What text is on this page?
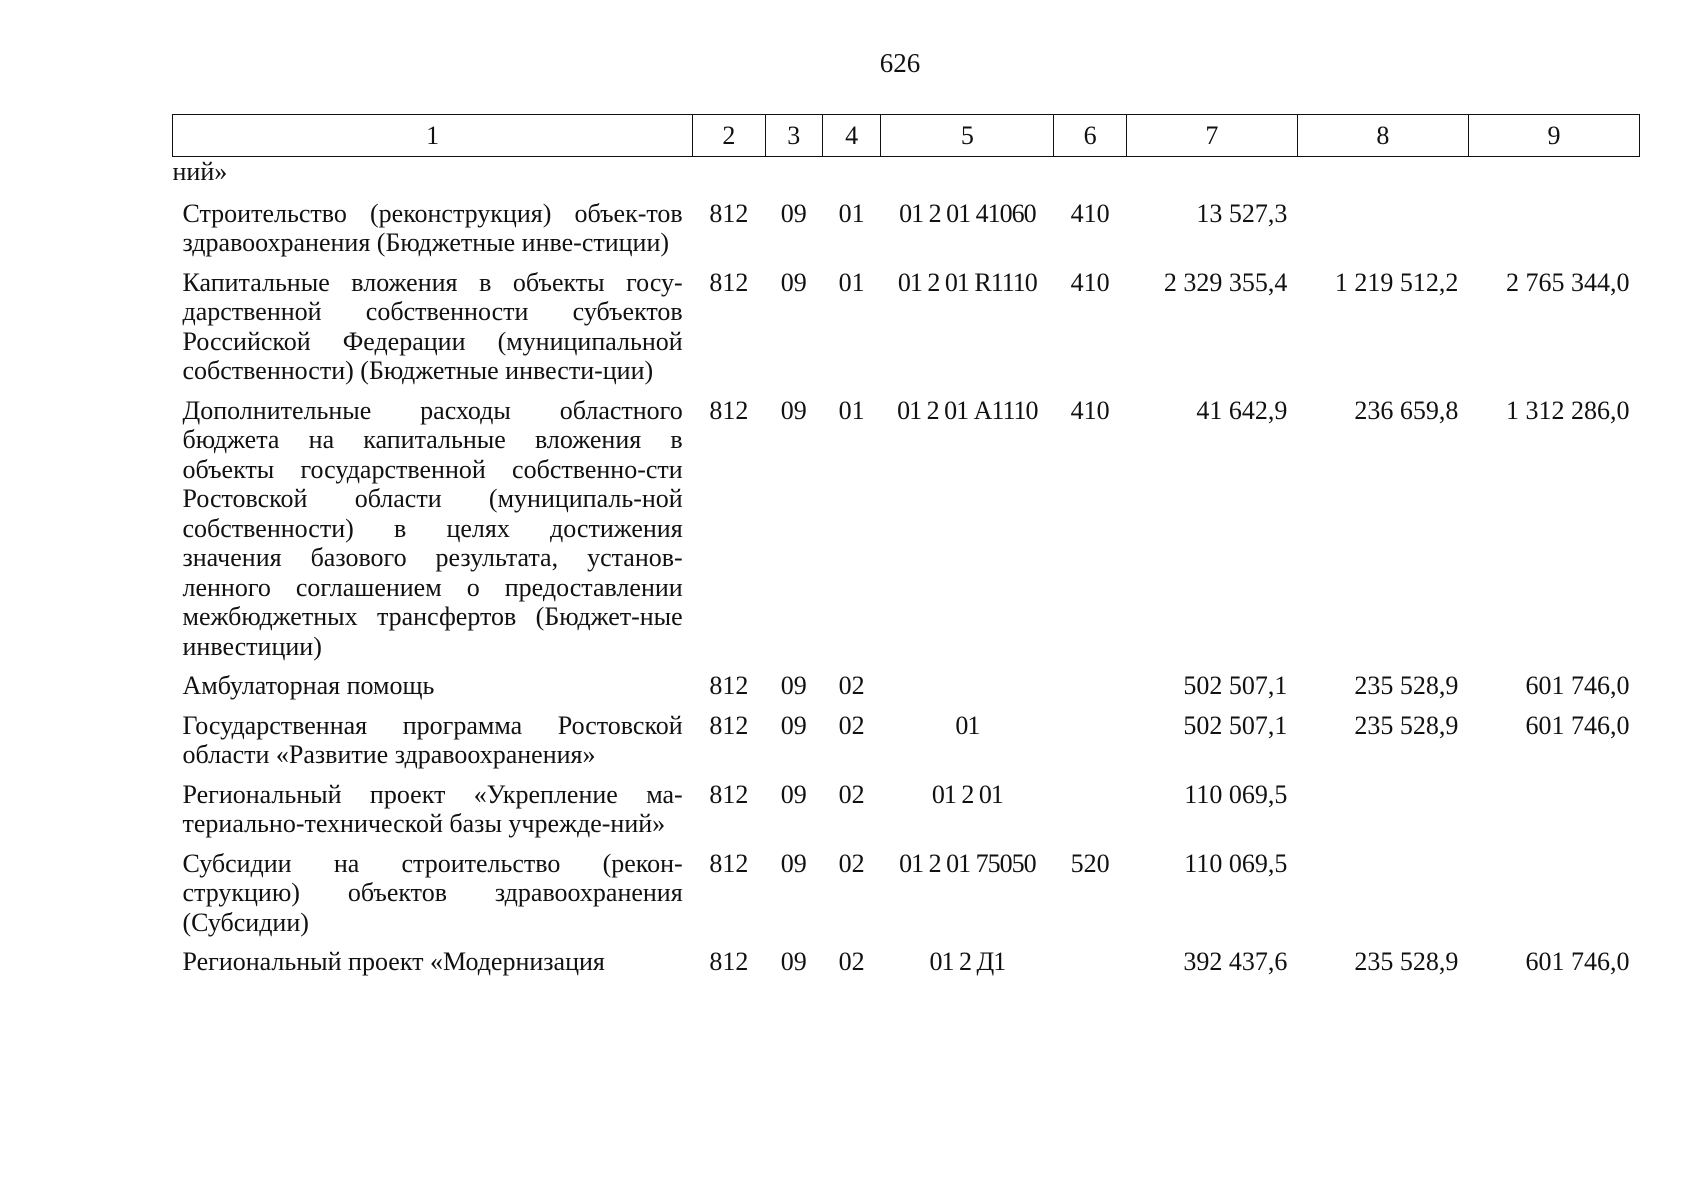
626
1	2	3	4	5	6	7	8	9
ний»								
Строительство (реконструкция) объек-тов здравоохранения (Бюджетные инве-стиции)	812	09	01	01 2 01 41060	410	13 527,3		
Капитальные вложения в объекты госу-дарственной собственности субъектов Российской Федерации (муниципальной собственности) (Бюджетные инвести-ции)	812	09	01	01 2 01 R1110	410	2 329 355,4	1 219 512,2	2 765 344,0
Дополнительные расходы областного бюджета на капитальные вложения в объекты государственной собственно-сти Ростовской области (муниципаль-ной собственности) в целях достижения значения базового результата, установ-ленного соглашением о предоставлении межбюджетных трансфертов (Бюджет-ные инвестиции)	812	09	01	01 2 01 А1110	410	41 642,9	236 659,8	1 312 286,0
Амбулаторная помощь	812	09	02			502 507,1	235 528,9	601 746,0
Государственная программа Ростовской области «Развитие здравоохранения»	812	09	02	01		502 507,1	235 528,9	601 746,0
Региональный проект «Укрепление ма-териально-технической базы учрежде-ний»	812	09	02	01 2 01		110 069,5		
Субсидии на строительство (рекон-струкцию) объектов здравоохранения (Субсидии)	812	09	02	01 2 01 75050	520	110 069,5		
Региональный проект «Модернизация	812	09	02	01 2 Д1		392 437,6	235 528,9	601 746,0
